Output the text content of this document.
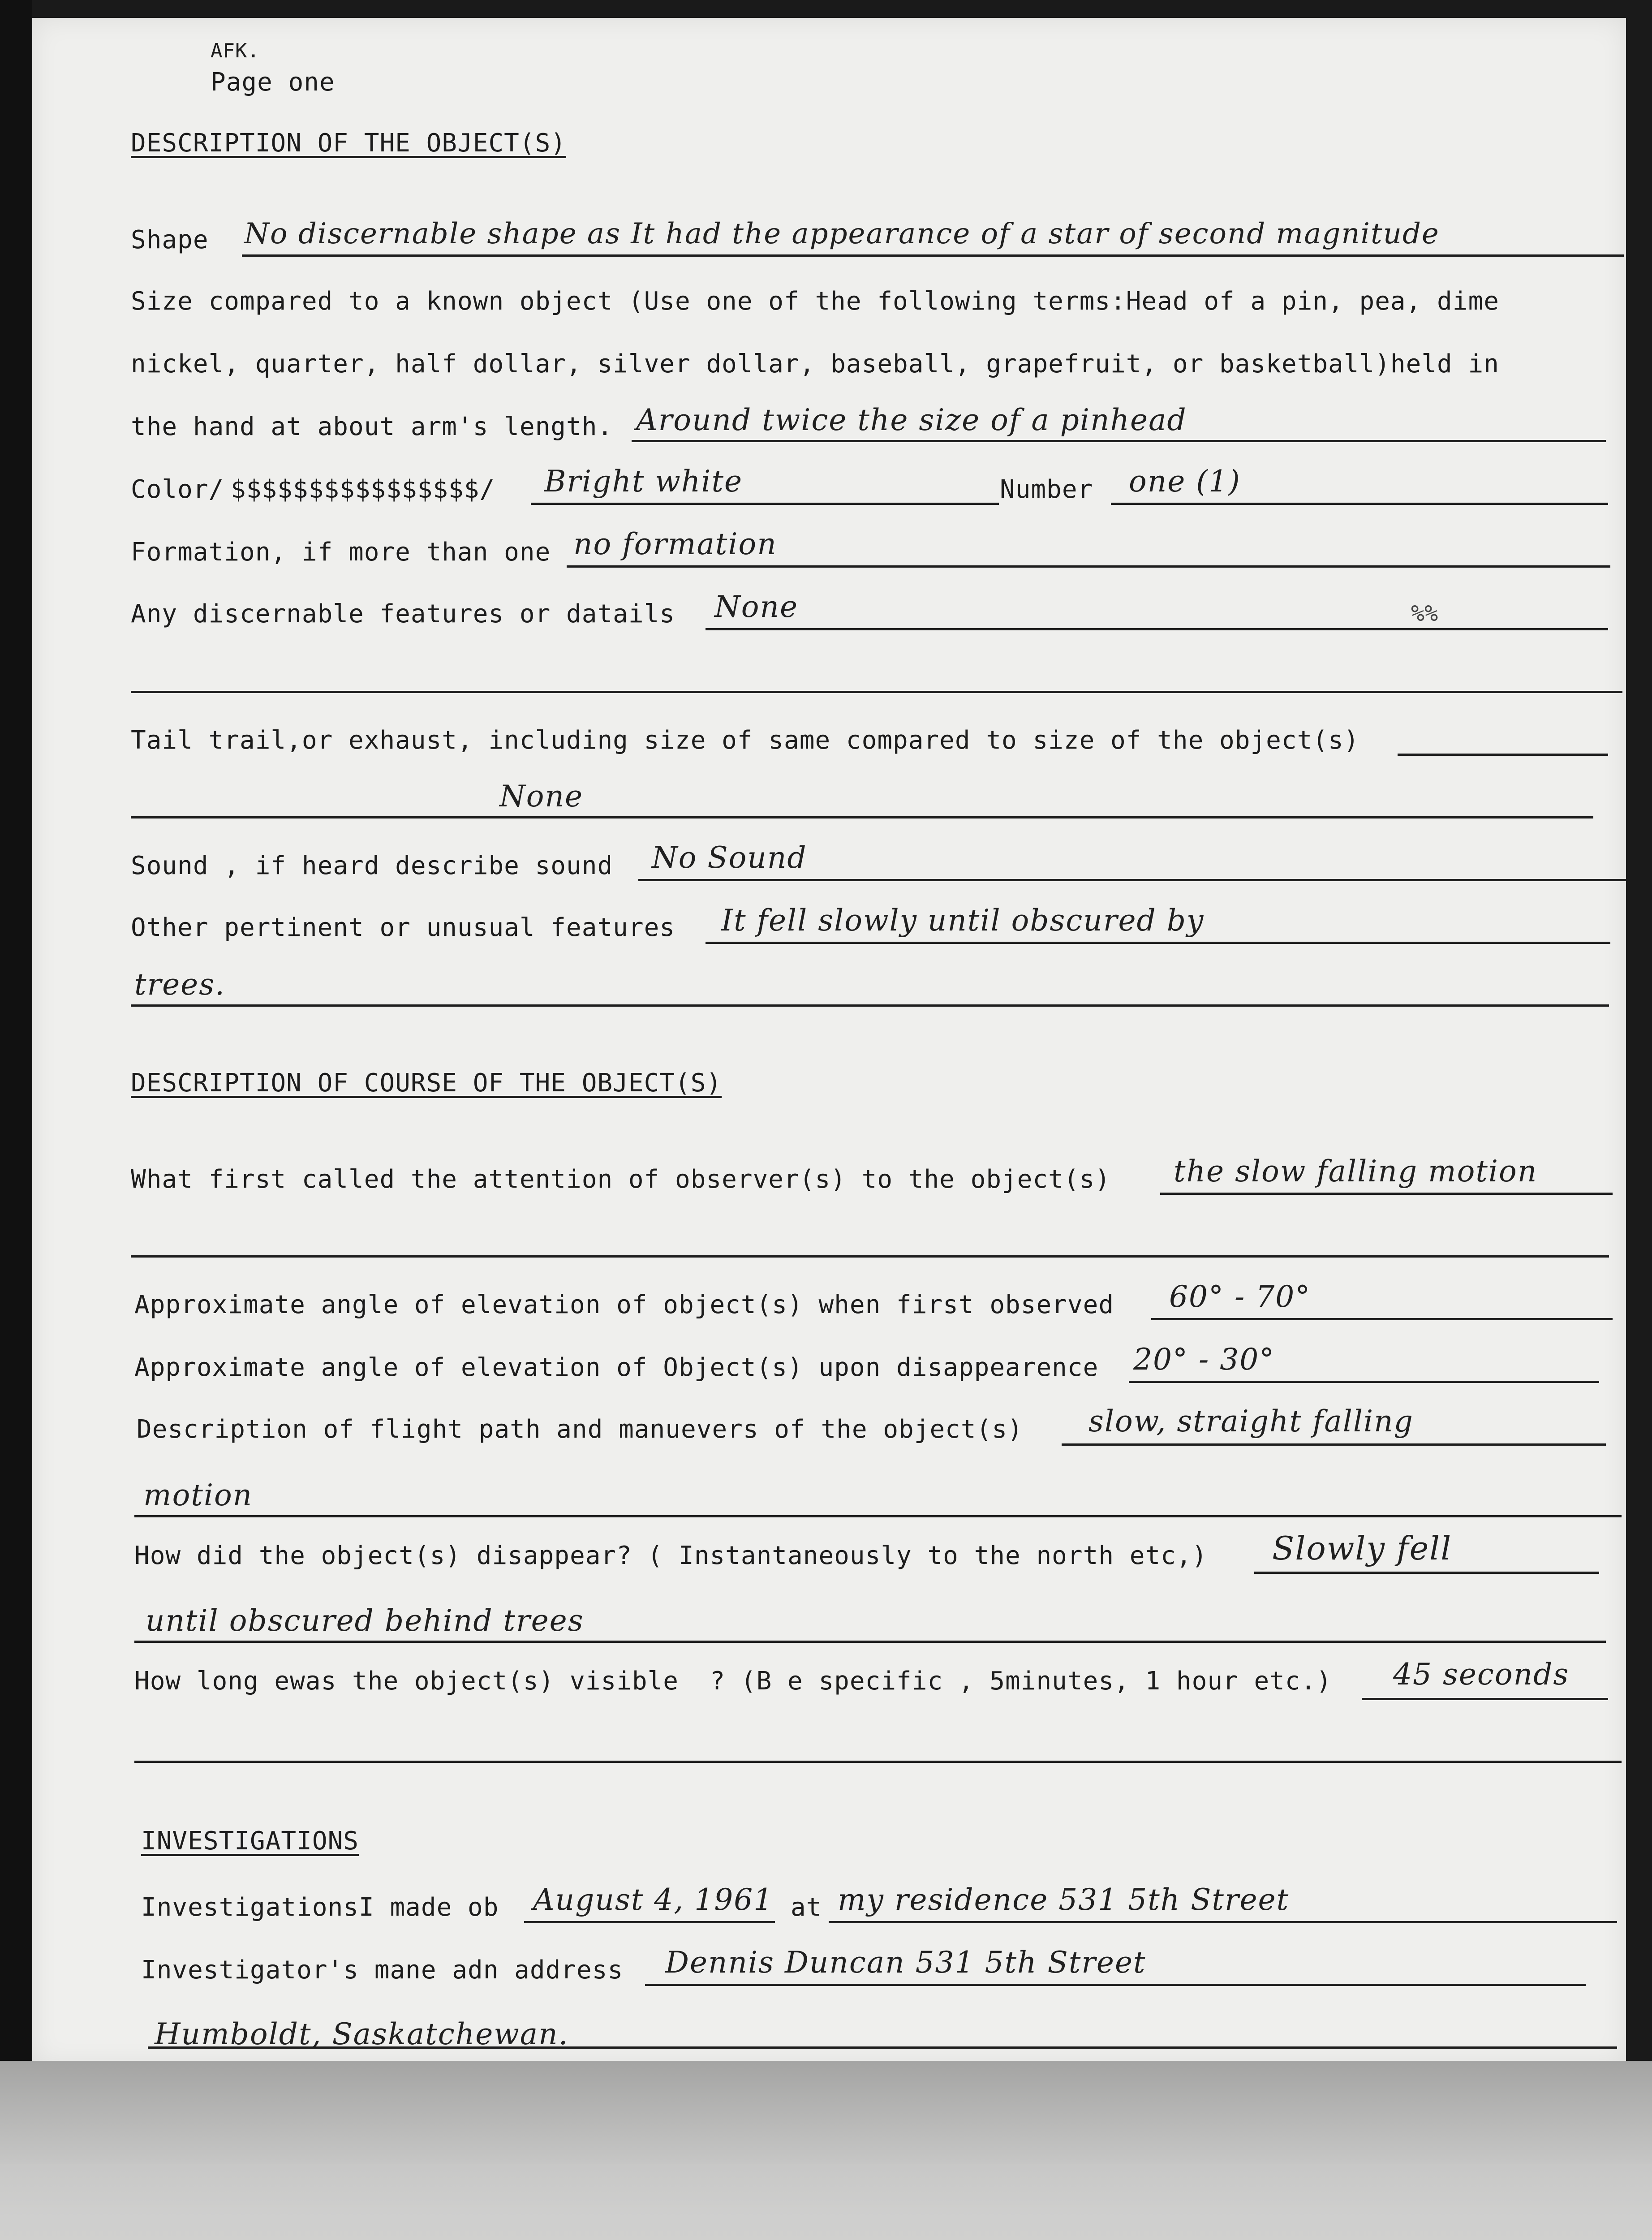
AFK.
Page one
DESCRIPTION OF THE OBJECT(S)
Shape No discernable shape as It had the appearance of a star of second magnitude
Size compared to a known object (Use one of the following terms:Head of a pin, pea, dime
nickel, quarter, half dollar, silver dollar, baseball, grapefruit, or basketball)held in
the hand at about arm's length. Around twice the size of a pinhead
Color/ $$$$$$$$$$$$$$$$/ Bright white	Number one (1)
Formation, if more than one no formation
Any discernable features or datails None	%%
Tail trail,or exhaust, including size of same compared to size of the object(s)
None
Sound , if heard describe sound No Sound
Other pertinent or unusual features It fell slowly until obscured by
trees.
DESCRIPTION OF COURSE OF THE OBJECT(S)
What first called the attention of observer(s) to the object(s) the slow falling motion
Approximate angle of elevation of object(s) when first observed 60° - 70°
Approximate angle of elevation of Object(s) upon disappearence 20° - 30°
Description of flight path and manuevers of the object(s) slow, straight falling
motion
How did the object(s) disappear? ( Instantaneously to the north etc,) Slowly fell
until obscured behind trees
How long ewas the object(s) visible  ? (B e specific , 5minutes, 1 hour etc.) 45 seconds
INVESTIGATIONS
InvestigationsI made ob August 4, 1961 at my residence 531 5th Street
Investigator's mane adn address Dennis Duncan 531 5th Street
Humboldt, Saskatchewan.
